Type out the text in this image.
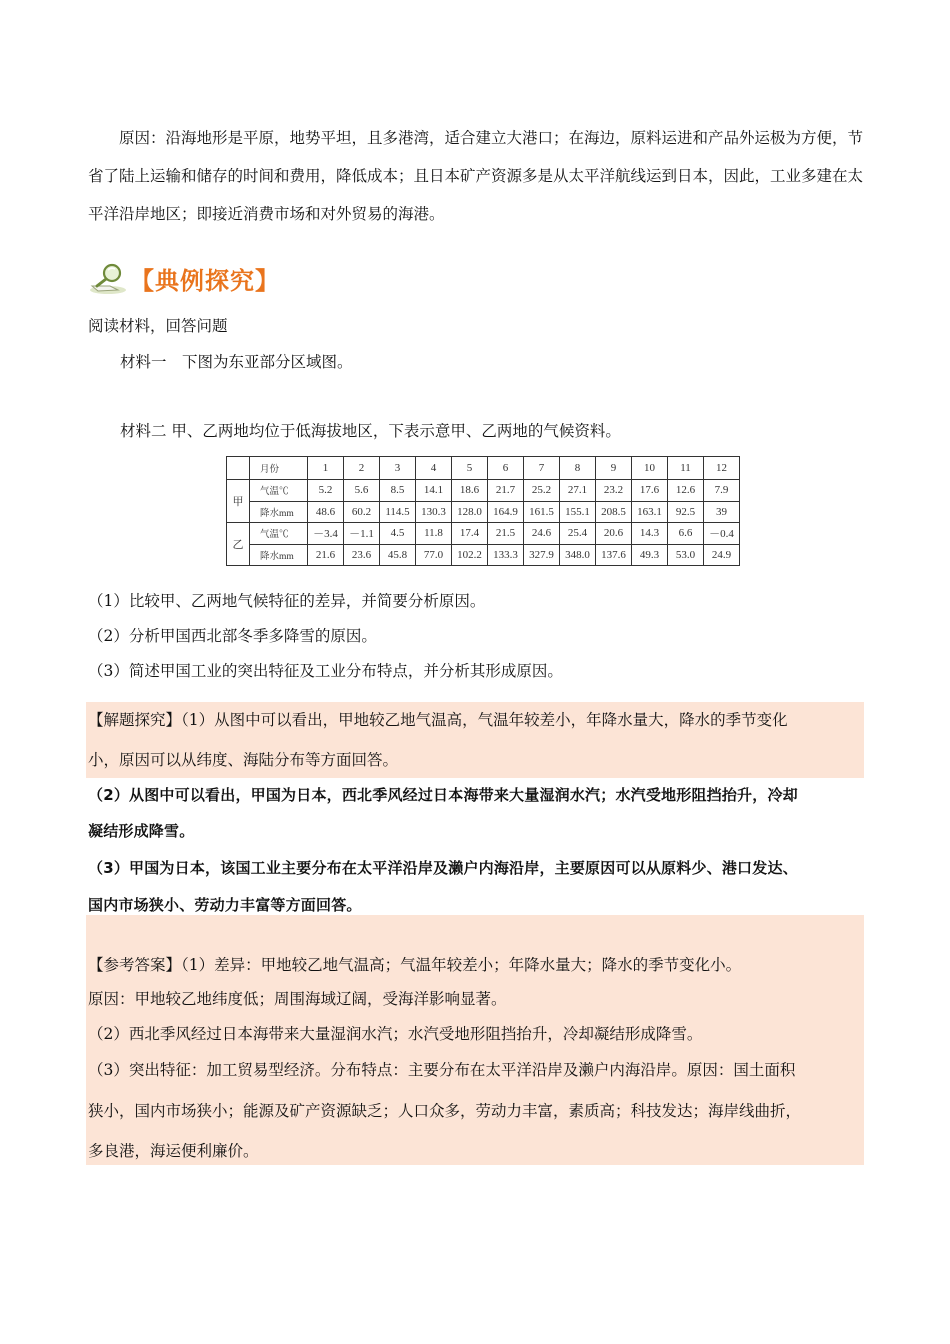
原因：沿海地形是平原，地势平坦，且多港湾，适合建立大港口；在海边，原料运进和产品外运极为方便，节省了陆上运输和储存的时间和费用，降低成本；且日本矿产资源多是从太平洋航线运到日本，因此，工业多建在太平洋沿岸地区；即接近消费市场和对外贸易的海港。
【典例探究】
阅读材料，回答问题
材料一　下图为东亚部分区域图。
材料二 甲、乙两地均位于低海拔地区，下表示意甲、乙两地的气候资料。
	月份	1	2	3	4	5	6	7	8	9	10	11	12
甲	气温℃	5.2	5.6	8.5	14.1	18.6	21.7	25.2	27.1	23.2	17.6	12.6	7.9
	降水mm	48.6	60.2	114.5	130.3	128.0	164.9	161.5	155.1	208.5	163.1	92.5	39
乙	气温℃	－3.4	－1.1	4.5	11.8	17.4	21.5	24.6	25.4	20.6	14.3	6.6	－0.4
	降水mm	21.6	23.6	45.8	77.0	102.2	133.3	327.9	348.0	137.6	49.3	53.0	24.9
（1）比较甲、乙两地气候特征的差异，并简要分析原因。
（2）分析甲国西北部冬季多降雪的原因。
（3）简述甲国工业的突出特征及工业分布特点，并分析其形成原因。
【解题探究】（1）从图中可以看出，甲地较乙地气温高，气温年较差小，年降水量大，降水的季节变化
小，原因可以从纬度、海陆分布等方面回答。
（2）从图中可以看出，甲国为日本，西北季风经过日本海带来大量湿润水汽；水汽受地形阻挡抬升，冷却
凝结形成降雪。
（3）甲国为日本，该国工业主要分布在太平洋沿岸及濑户内海沿岸，主要原因可以从原料少、港口发达、
国内市场狭小、劳动力丰富等方面回答。
【参考答案】（1）差异：甲地较乙地气温高；气温年较差小；年降水量大；降水的季节变化小。
原因：甲地较乙地纬度低；周围海域辽阔，受海洋影响显著。
（2）西北季风经过日本海带来大量湿润水汽；水汽受地形阻挡抬升，冷却凝结形成降雪。
（3）突出特征：加工贸易型经济。分布特点：主要分布在太平洋沿岸及濑户内海沿岸。原因：国土面积
狭小，国内市场狭小；能源及矿产资源缺乏；人口众多，劳动力丰富，素质高；科技发达；海岸线曲折，
多良港，海运便利廉价。
